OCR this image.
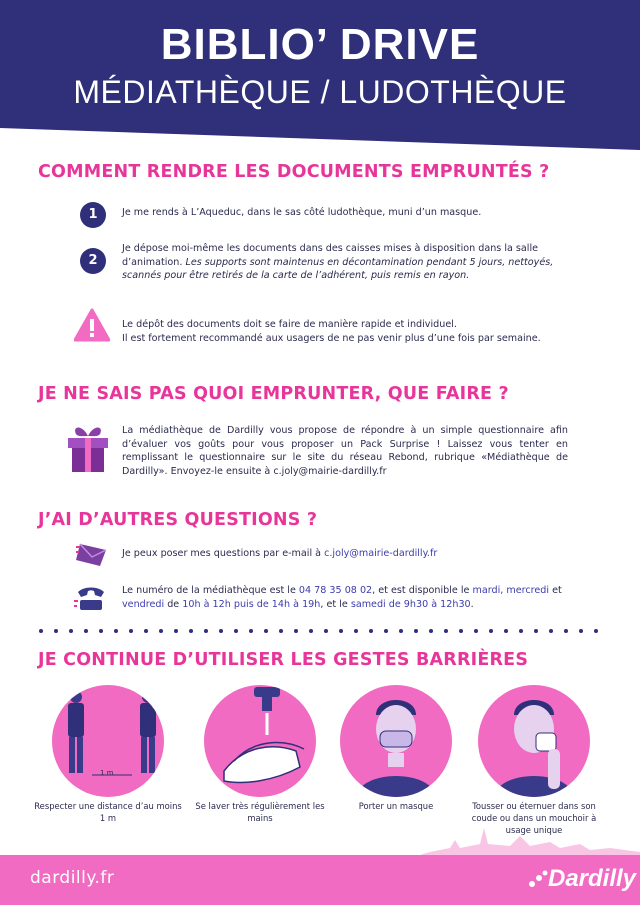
BIBLIO’ DRIVE
MÉDIATHÈQUE / LUDOTHÈQUE
COMMENT RENDRE LES DOCUMENTS EMPRUNTÉS ?
1	Je me rends à L’Aqueduc, dans le sas côté ludothèque, muni d’un masque.
2
Je dépose moi-même les documents dans des caisses mises à disposition dans la salle d’animation. Les supports sont maintenus en décontamination pendant 5 jours, nettoyés, scannés pour être retirés de la carte de l’adhérent, puis remis en rayon.
Le dépôt des documents doit se faire de manière rapide et individuel.
Il est fortement recommandé aux usagers de ne pas venir plus d’une fois par semaine.
JE NE SAIS PAS QUOI EMPRUNTER, QUE FAIRE ?
La médiathèque de Dardilly vous propose de répondre à un simple questionnaire afin d’évaluer vos goûts pour vous proposer un Pack Surprise ! Laissez vous tenter en remplissant le questionnaire sur le site du réseau Rebond, rubrique «Médiathèque de Dardilly». Envoyez-le ensuite à c.joly@mairie-dardilly.fr
J’AI D’AUTRES QUESTIONS ?
Je peux poser mes questions par e-mail à c.joly@mairie-dardilly.fr
Le numéro de la médiathèque est le 04 78 35 08 02, et est disponible le mardi, mercredi et vendredi de 10h à 12h puis de 14h à 19h, et le samedi de 9h30 à 12h30.
JE CONTINUE D’UTILISER LES GESTES BARRIÈRES
1 m
Respecter une distance d’au moins 1 m
Se laver très régulièrement les mains
Porter un masque	Tousser ou éternuer dans son coude ou dans un mouchoir à usage unique
dardilly.fr	Dardilly
